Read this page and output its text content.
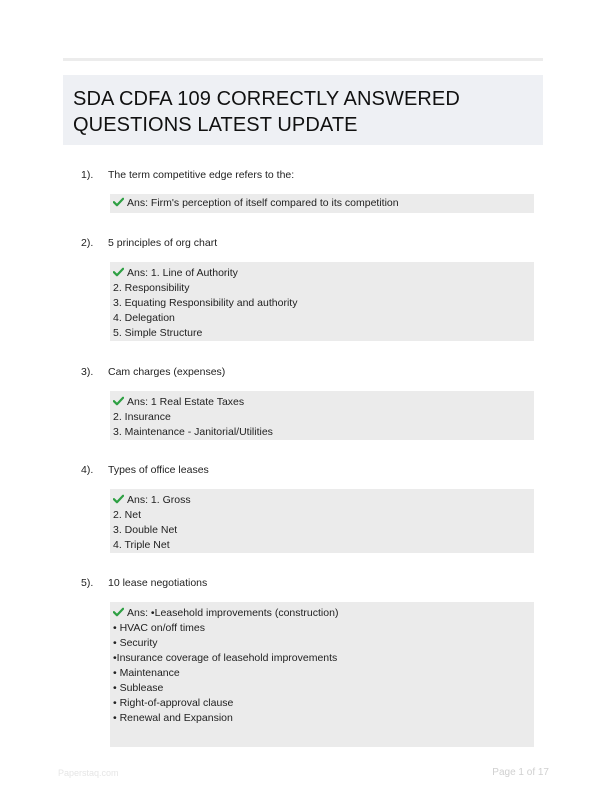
SDA CDFA 109 CORRECTLY ANSWERED
QUESTIONS LATEST UPDATE
1). The term competitive edge refers to the:
Ans: Firm's perception of itself compared to its competition
2). 5 principles of org chart
Ans: 1. Line of Authority
2. Responsibility
3. Equating Responsibility and authority
4. Delegation
5. Simple Structure
3). Cam charges (expenses)
Ans: 1 Real Estate Taxes
2. Insurance
3. Maintenance - Janitorial/Utilities
4). Types of office leases
Ans: 1. Gross
2. Net
3. Double Net
4. Triple Net
5). 10 lease negotiations
Ans: •Leasehold improvements (construction)
• HVAC on/off times
• Security
•Insurance coverage of leasehold improvements
• Maintenance
• Sublease
• Right-of-approval clause
• Renewal and Expansion
Paperstaq.com	Page 1 of 17
